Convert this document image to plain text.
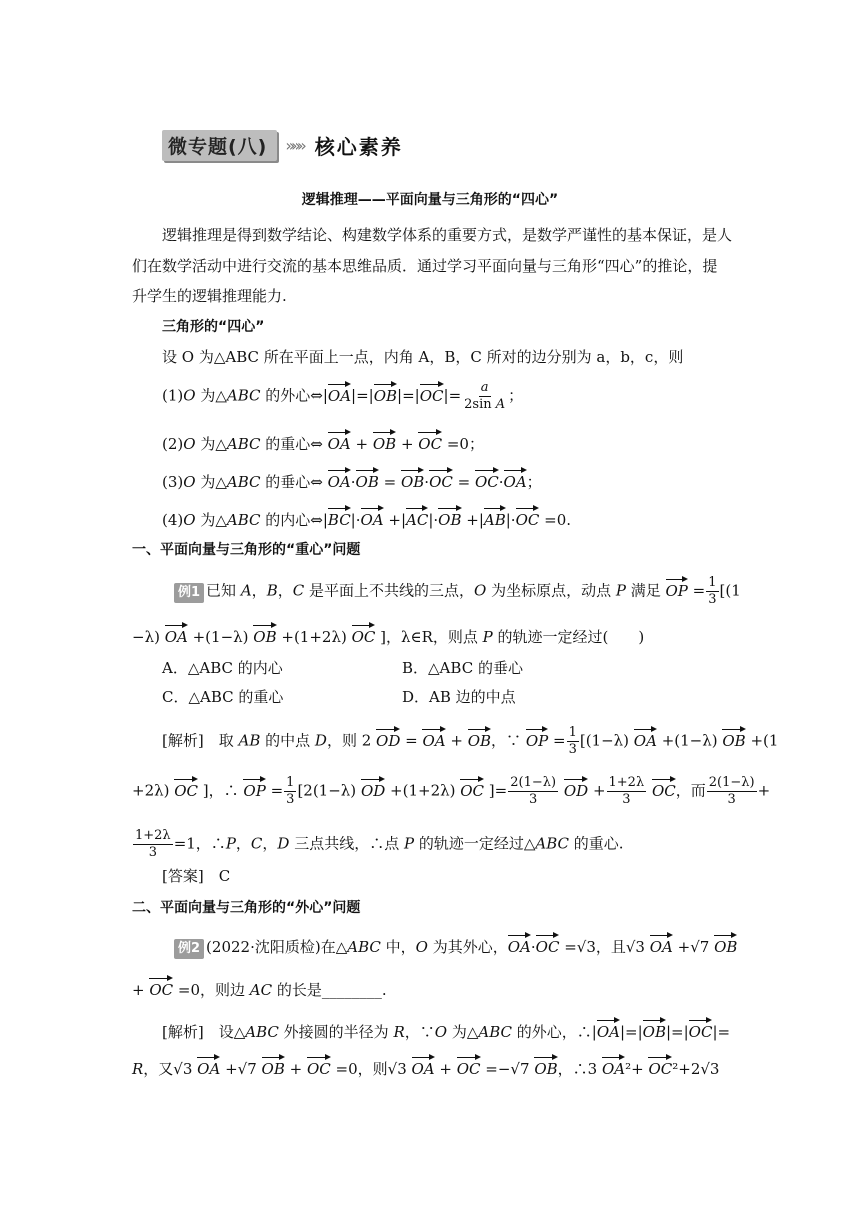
微专题(八)	»»» 核心素养
逻辑推理——平面向量与三角形的“四心”
逻辑推理是得到数学结论、构建数学体系的重要方式，是数学严谨性的基本保证，是人
们在数学活动中进行交流的基本思维品质．通过学习平面向量与三角形“四心”的推论，提
升学生的逻辑推理能力.
三角形的“四心”
设 O 为△ABC 所在平面上一点，内角 A，B，C 所对的边分别为 a，b，c，则
(1)O 为△ABC 的外心⇔|OA|=|OB|=|OC|= $\frac{a}{\text{2sin A}}$ ；
(2)O 为△ABC 的重心⇔ OA + OB + OC =0；
(3)O 为△ABC 的垂心⇔ OA·OB = OB·OC = OC·OA；
(4)O 为△ABC 的内心⇔|BC|·OA +|AC|·OB +|AB|·OC =0.
一、平面向量与三角形的“重心”问题
例1 已知 A，B，C 是平面上不共线的三点，O 为坐标原点，动点 P 满足 OP = $\frac{1}{3} [(1$
−λ) OA +(1−λ) OB +(1+2λ) OC ]，λ∈R，则点 P 的轨迹一定经过(　　)
A．△ABC 的内心	B．△ABC 的垂心
C．△ABC 的重心	D．AB 边的中点
[解析]　取 AB 的中点 D，则 2 OD = OA + OB，∵ OP = $\frac{1}{3} [(1-\lambda)$ OA +(1−λ) OB +(1
+2λ) OC ]，∴ OP = $\frac{1}{3} [2(1-\lambda)$ OD +(1+2λ) OC ]= $\frac{2(1-\lambda)}{3}$ OD + $\frac{1+2\lambda}{3}$ OC，而 $\frac{2(1-\lambda)}{3}$ +
$\frac{1+2\lambda}{3} =1$，∴P，C，D 三点共线，∴点 P 的轨迹一定经过△ABC 的重心.
[答案]　 C
二、平面向量与三角形的“外心”问题
例2 (2022·沈阳质检)在△ABC 中，O 为其外心，OA·OC =√3，且√3 OA +√7 OB
+ OC =0，则边 AC 的长是________.
[解析]　设△ABC 外接圆的半径为 R，∵O 为△ABC 的外心，∴|OA|=|OB|=|OC|=
R，又√3 OA +√7 OB + OC =0，则√3 OA + OC =−√7 OB，∴3 OA²+ OC²+2√3
